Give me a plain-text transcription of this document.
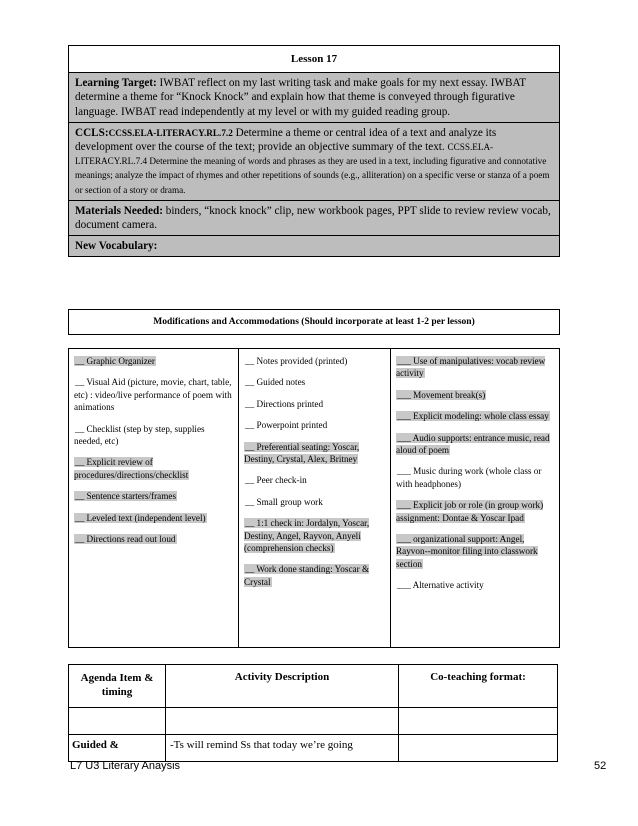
Lesson 17
Learning Target: IWBAT reflect on my last writing task and make goals for my next essay. IWBAT determine a theme for “Knock Knock” and explain how that theme is conveyed through figurative language. IWBAT read independently at my level or with my guided reading group.
CCLS:CCSS.ELA-LITERACY.RL.7.2 Determine a theme or central idea of a text and analyze its development over the course of the text; provide an objective summary of the text. CCSS.ELA-LITERACY.RL.7.4 Determine the meaning of words and phrases as they are used in a text, including figurative and connotative meanings; analyze the impact of rhymes and other repetitions of sounds (e.g., alliteration) on a specific verse or stanza of a poem or section of a story or drama.
Materials Needed: binders, “knock knock” clip, new workbook pages, PPT slide to review review vocab, document camera.
New Vocabulary:
Modifications and Accommodations (Should incorporate at least 1-2 per lesson)
__ Graphic Organizer
__ Visual Aid (picture, movie, chart, table, etc) : video/live performance of poem with animations
__ Checklist (step by step, supplies needed, etc)
__ Explicit review of procedures/directions/checklist
__ Sentence starters/frames
__ Leveled text (independent level)
__ Directions read out loud
__ Notes provided (printed)
__ Guided notes
__ Directions printed
__ Powerpoint printed
__ Preferential seating: Yoscar, Destiny, Crystal, Alex, Britney
__ Peer check-in
__ Small group work
__ 1:1 check in: Jordalyn, Yoscar, Destiny, Angel, Rayvon, Anyeli (comprehension checks)
__ Work done standing: Yoscar & Crystal
___ Use of manipulatives: vocab review activity
___ Movement break(s)
___ Explicit modeling: whole class essay
___ Audio supports: entrance music, read aloud of poem
___ Music during work (whole class or with headphones)
___ Explicit job or role (in group work) assignment: Dontae & Yoscar Ipad
___ organizational support: Angel, Rayvon--monitor filing into classwork section
___ Alternative activity
Agenda Item & timing	Activity Description	Co-teaching format:

Guided &	-Ts will remind Ss that today we’re going	
L7 U3 Literary Anaysis	52
